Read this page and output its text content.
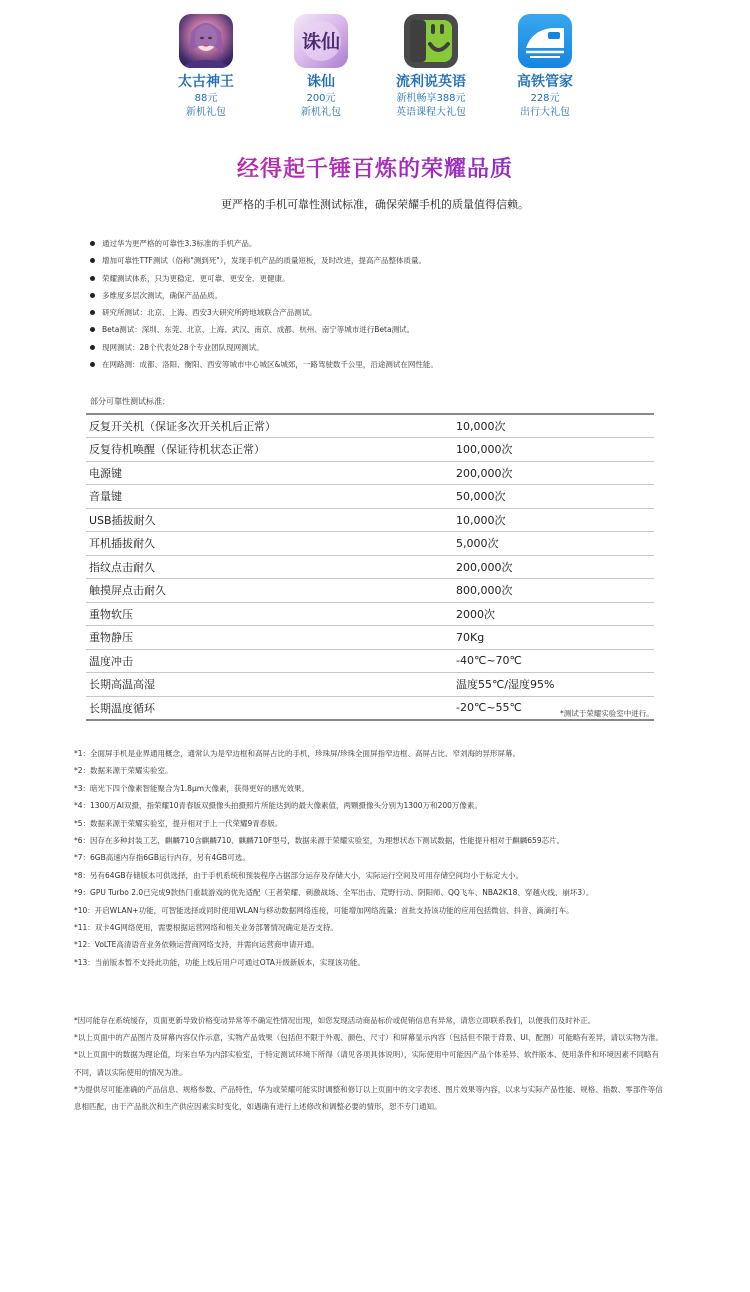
太古神王
88元
新机礼包
诛仙
诛仙
200元
新机礼包
流利说英语
新机畅享388元
英语课程大礼包
高铁管家
228元
出行大礼包
经得起千锤百炼的荣耀品质
更严格的手机可靠性测试标准，确保荣耀手机的质量值得信赖。
通过华为更严格的可靠性3.3标准的手机产品。
增加可靠性TTF测试（俗称"测到死"），发现手机产品的质量短板，及时改进，提高产品整体质量。
荣耀测试体系，只为更稳定、更可靠、更安全、更健康。
多维度多层次测试，确保产品品质。
研究所测试：北京、上海、西安3大研究所跨地域联合产品测试。
Beta测试：深圳、东莞、北京、上海、武汉、南京、成都、杭州、南宁等城市进行Beta测试。
现网测试：28个代表处28个专业团队现网测试。
在网路测：成都、洛阳、衡阳、西安等城市中心城区&城郊，一路驾驶数千公里，沿途测试在网性能。
部分可靠性测试标准：
反复开关机（保证多次开关机后正常）	10,000次
反复待机唤醒（保证待机状态正常）	100,000次
电源键	200,000次
音量键	50,000次
USB插拔耐久	10,000次
耳机插拔耐久	5,000次
指纹点击耐久	200,000次
触摸屏点击耐久	800,000次
重物软压	2000次
重物静压	70Kg
温度冲击	-40℃~70℃
长期高温高湿	温度55℃/湿度95%
长期温度循环	-20℃~55℃	*测试于荣耀实验室中进行。
*1：全面屏手机是业界通用概念，通常认为是窄边框和高屏占比的手机，珍珠屏/珍珠全面屏指窄边框、高屏占比、窄刘海的异形屏幕。
*2：数据来源于荣耀实验室。
*3：暗光下四个像素智能聚合为1.8μm大像素，获得更好的感光效果。
*4：1300万AI双摄，指荣耀10青春版双摄像头拍摄照片所能达到的最大像素值，两颗摄像头分别为1300万和200万像素。
*5：数据来源于荣耀实验室，提升相对于上一代荣耀9青春版。
*6：因存在多种封装工艺，麒麟710含麒麟710、麒麟710F型号，数据来源于荣耀实验室，为理想状态下测试数据，性能提升相对于麒麟659芯片。
*7：6GB高速内存指6GB运行内存，另有4GB可选。
*8：另有64GB存储版本可供选择，由于手机系统和预装程序占据部分运存及存储大小，实际运行空间及可用存储空间均小于标定大小。
*9：GPU Turbo 2.0已完成9款热门重载游戏的优先适配（王者荣耀、刺激战场、全军出击、荒野行动、阴阳师、QQ飞车、NBA2K18、穿越火线、崩坏3）。
*10：开启WLAN+功能，可智能选择或同时使用WLAN与移动数据网络连接，可能增加网络流量；首批支持该功能的应用包括微信、抖音、滴滴打车。
*11：双卡4G网络使用，需要根据运营网络和相关业务部署情况确定是否支持。
*12：VoLTE高清语音业务依赖运营商网络支持，并需向运营商申请开通。
*13：当前版本暂不支持此功能，功能上线后用户可通过OTA升级新版本，实现该功能。

*因可能存在系统缓存，页面更新导致价格变动异常等不确定性情况出现，如您发现活动商品标价或促销信息有异常，请您立即联系我们，以便我们及时补正。

*以上页面中的产品图片及屏幕内容仅作示意，实物产品效果（包括但不限于外观、颜色、尺寸）和屏幕显示内容（包括但不限于背景、UI、配图）可能略有差异，请以实物为准。

*以上页面中的数据为理论值，均来自华为内部实验室，于特定测试环境下所得（请见各项具体说明），实际使用中可能因产品个体差异、软件版本、使用条件和环境因素不同略有不同，请以实际使用的情况为准。

*为提供尽可能准确的产品信息、规格参数、产品特性，华为或荣耀可能实时调整和修订以上页面中的文字表述、图片效果等内容，以求与实际产品性能、规格、指数、零部件等信息相匹配，由于产品批次和生产供应因素实时变化，如遇确有进行上述修改和调整必要的情形，恕不专门通知。
